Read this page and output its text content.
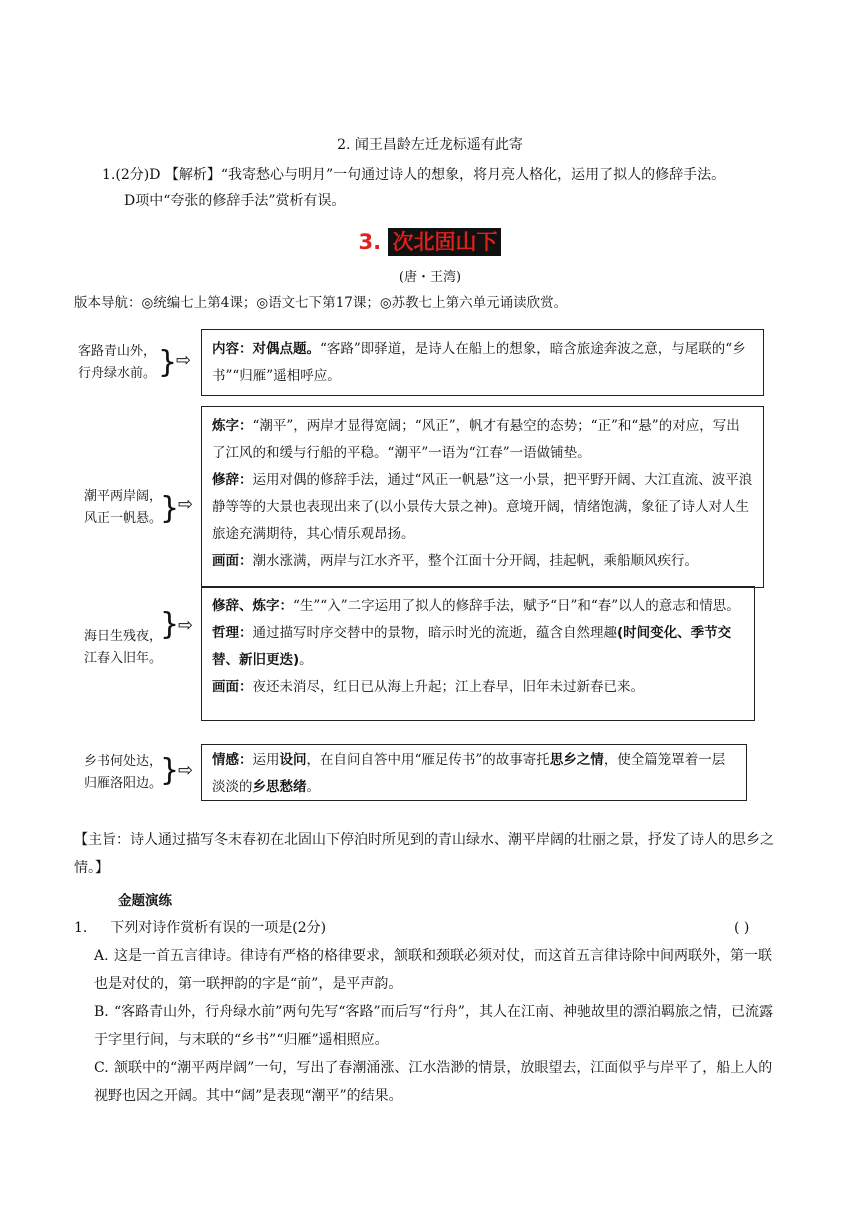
2. 闻王昌龄左迁龙标遥有此寄
1.(2分)D 【解析】“我寄愁心与明月”一句通过诗人的想象，将月亮人格化，运用了拟人的修辞手法。
D项中“夸张的修辞手法”赏析有误。
3. 次北固山下
(唐・王湾)
版本导航：◎统编七上第4课；◎语文七下第17课；◎苏教七上第六单元诵读欣赏。
客路青山外，
行舟绿水前。 }
⇨
内容：对偶点题。“客路”即驿道，是诗人在船上的想象，暗含旅途奔波之意，与尾联的“乡书”“归雁”遥相呼应。
潮平两岸阔，
风正一帆悬。
}
⇨
炼字：“潮平”，两岸才显得宽阔；“风正”，帆才有悬空的态势；“正”和“悬”的对应，写出了江风的和缓与行船的平稳。“潮平”一语为“江春”一语做铺垫。
修辞：运用对偶的修辞手法，通过“风正一帆悬”这一小景，把平野开阔、大江直流、波平浪静等等的大景也表现出来了(以小景传大景之神)。意境开阔，情绪饱满，象征了诗人对人生旅途充满期待，其心情乐观昂扬。
画面：潮水涨满，两岸与江水齐平，整个江面十分开阔，挂起帆，乘船顺风疾行。
海日生残夜，
江春入旧年。
}
⇨
修辞、炼字：“生”“入”二字运用了拟人的修辞手法，赋予“日”和“春”以人的意志和情思。
哲理：通过描写时序交替中的景物，暗示时光的流逝，蕴含自然理趣(时间变化、季节交替、新旧更迭)。
画面：夜还未消尽，红日已从海上升起；江上春早，旧年未过新春已来。
乡书何处达，
归雁洛阳边。
}
⇨	情感：运用设问，在自问自答中用“雁足传书”的故事寄托思乡之情，使全篇笼罩着一层淡淡的乡思愁绪。
【主旨：诗人通过描写冬末春初在北固山下停泊时所见到的青山绿水、潮平岸阔的壮丽之景，抒发了诗人的思乡之情。】
金题演练
1. 下列对诗作赏析有误的一项是(2分)	( )
A. 这是一首五言律诗。律诗有严格的格律要求，颔联和颈联必须对仗，而这首五言律诗除中间两联外，第一联也是对仗的，第一联押韵的字是“前”，是平声韵。
B. “客路青山外，行舟绿水前”两句先写“客路”而后写“行舟”，其人在江南、神驰故里的漂泊羁旅之情，已流露于字里行间，与末联的“乡书”“归雁”遥相照应。
C. 颔联中的“潮平两岸阔”一句，写出了春潮涌涨、江水浩渺的情景，放眼望去，江面似乎与岸平了，船上人的视野也因之开阔。其中“阔”是表现“潮平”的结果。
